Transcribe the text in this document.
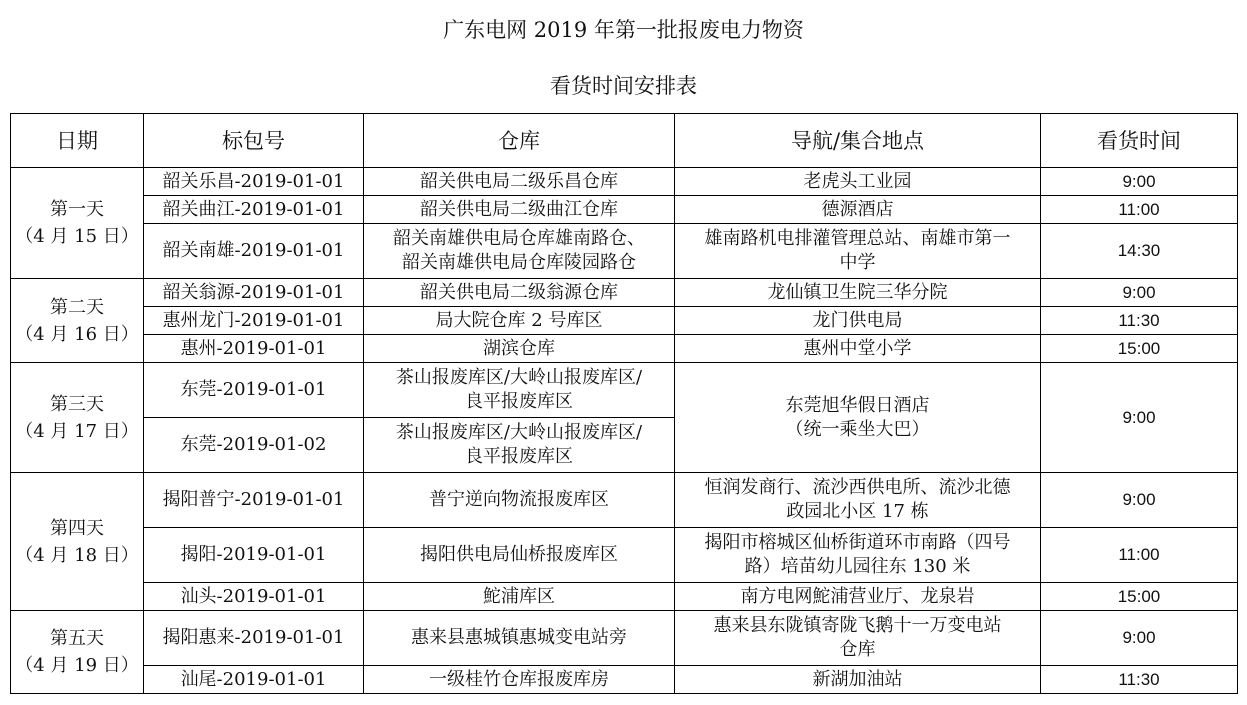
广东电网 2019 年第一批报废电力物资
看货时间安排表
日期	标包号	仓库	导航/集合地点	看货时间

第一天
（4 月 15 日）	韶关乐昌-2019-01-01	韶关供电局二级乐昌仓库	老虎头工业园	9:00
	韶关曲江-2019-01-01	韶关供电局二级曲江仓库	德源酒店	11:00
	韶关南雄-2019-01-01	韶关南雄供电局仓库雄南路仓、
韶关南雄供电局仓库陵园路仓	雄南路机电排灌管理总站、南雄市第一
中学	14:30

第二天
（4 月 16 日）	韶关翁源-2019-01-01	韶关供电局二级翁源仓库	龙仙镇卫生院三华分院	9:00
	惠州龙门-2019-01-01	局大院仓库 2 号库区	龙门供电局	11:30
	惠州-2019-01-01	湖滨仓库	惠州中堂小学	15:00

第三天
（4 月 17 日）	东莞-2019-01-01	茶山报废库区/大岭山报废库区/
良平报废库区	东莞旭华假日酒店
（统一乘坐大巴）	9:00
	东莞-2019-01-02	茶山报废库区/大岭山报废库区/
良平报废库区		

第四天
（4 月 18 日）	揭阳普宁-2019-01-01	普宁逆向物流报废库区	恒润发商行、流沙西供电所、流沙北德
政园北小区 17 栋	9:00
	揭阳-2019-01-01	揭阳供电局仙桥报废库区	揭阳市榕城区仙桥街道环市南路（四号
路）培苗幼儿园往东 130 米	11:00
	汕头-2019-01-01	鮀浦库区	南方电网鮀浦营业厅、龙泉岩	15:00

第五天
（4 月 19 日）	揭阳惠来-2019-01-01	惠来县惠城镇惠城变电站旁	惠来县东陇镇寄陇飞鹅十一万变电站
仓库	9:00
	汕尾-2019-01-01	一级桂竹仓库报废库房	新湖加油站	11:30
